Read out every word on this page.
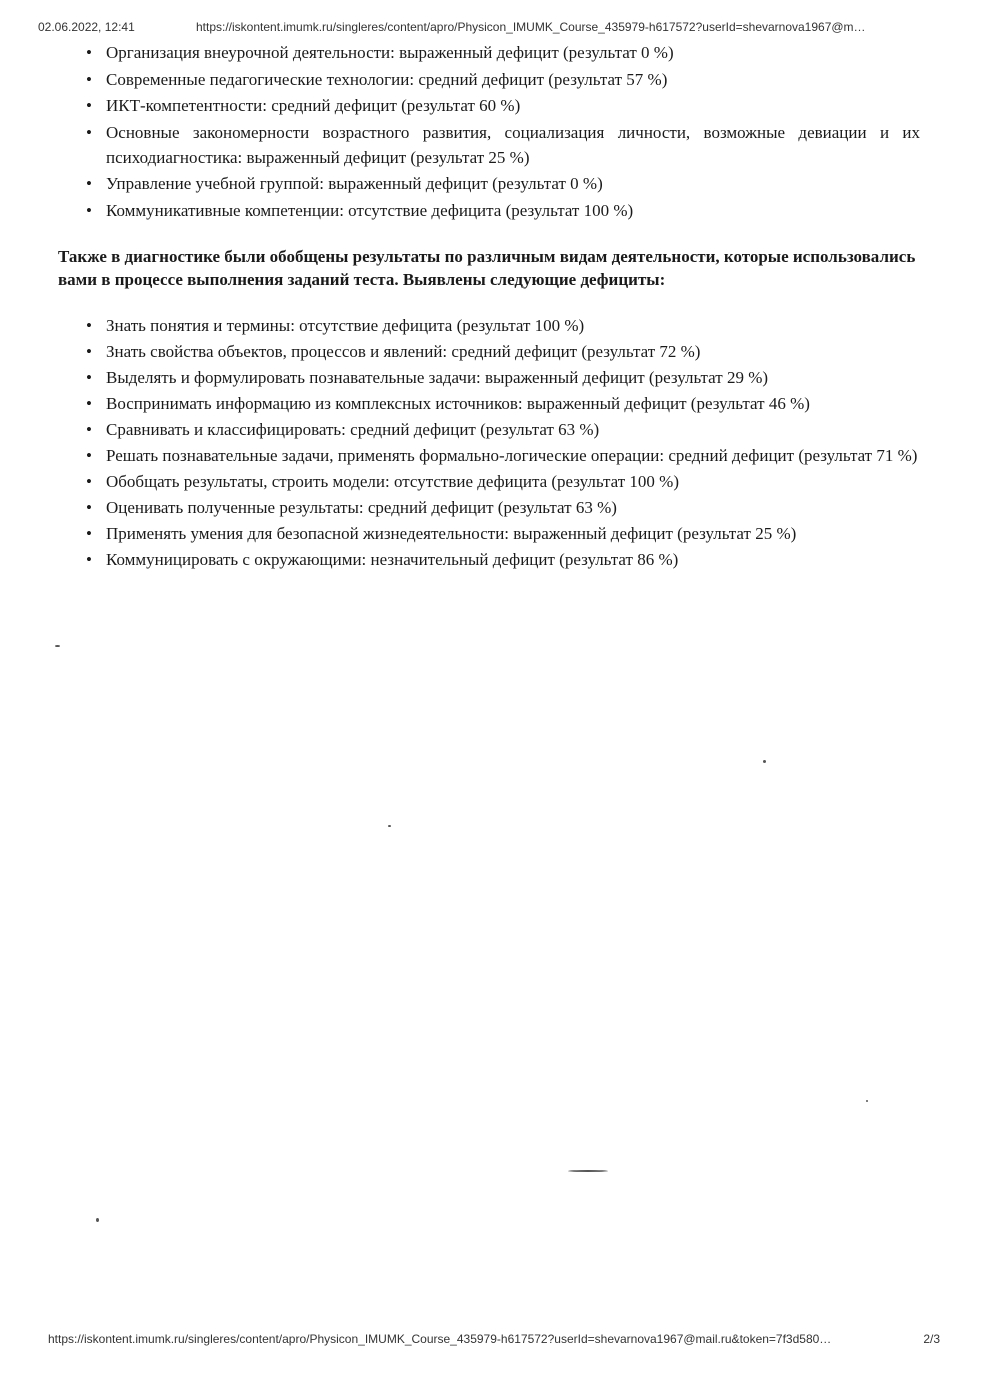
02.06.2022, 12:41	https://iskontent.imumk.ru/singleres/content/apro/Physicon_IMUMK_Course_435979-h617572?userId=shevarnova1967@m…
• Организация внеурочной деятельности: выраженный дефицит (результат 0 %)
• Современные педагогические технологии: средний дефицит (результат 57 %)
• ИКТ-компетентности: средний дефицит (результат 60 %)
• Основные закономерности возрастного развития, социализация личности, возможные девиации и их психодиагностика: выраженный дефицит (результат 25 %)
• Управление учебной группой: выраженный дефицит (результат 0 %)
• Коммуникативные компетенции: отсутствие дефицита (результат 100 %)

Также в диагностике были обобщены результаты по различным видам деятельности, которые использовались вами в процессе выполнения заданий теста. Выявлены следующие дефициты:

• Знать понятия и термины: отсутствие дефицита (результат 100 %)
• Знать свойства объектов, процессов и явлений: средний дефицит (результат 72 %)
• Выделять и формулировать познавательные задачи: выраженный дефицит (результат 29 %)
• Воспринимать информацию из комплексных источников: выраженный дефицит (результат 46 %)
• Сравнивать и классифицировать: средний дефицит (результат 63 %)
• Решать познавательные задачи, применять формально-логические операции: средний дефицит (результат 71 %)
• Обобщать результаты, строить модели: отсутствие дефицита (результат 100 %)
• Оценивать полученные результаты: средний дефицит (результат 63 %)
• Применять умения для безопасной жизнедеятельности: выраженный дефицит (результат 25 %)
• Коммуницировать с окружающими: незначительный дефицит (результат 86 %)
https://iskontent.imumk.ru/singleres/content/apro/Physicon_IMUMK_Course_435979-h617572?userId=shevarnova1967@mail.ru&token=7f3d580…	2/3
